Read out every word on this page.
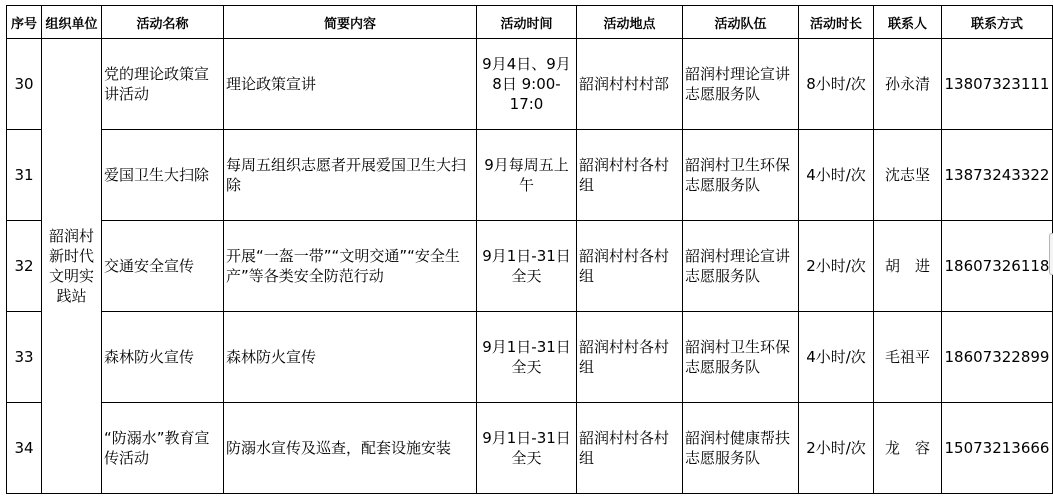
序号	组织单位	活动名称	简要内容	活动时间	活动地点	活动队伍	活动时长	联系人	联系方式
30	韶润村新时代文明实践站	党的理论政策宣讲活动	理论政策宣讲	9月4日、9月8日 9:00-17:0	韶润村村村部	韶润村理论宣讲志愿服务队	8小时/次	孙永清	13807323111
31		爱国卫生大扫除	每周五组织志愿者开展爱国卫生大扫除	9月每周五上午	韶润村村各村组	韶润村卫生环保志愿服务队	4小时/次	沈志坚	13873243322
32		交通安全宣传	开展“一盔一带”“文明交通”“安全生产”等各类安全防范行动	9月1日-31日 全天	韶润村村各村组	韶润村理论宣讲志愿服务队	2小时/次	胡　进	18607326118
33		森林防火宣传	森林防火宣传	9月1日-31日 全天	韶润村村各村组	韶润村卫生环保志愿服务队	4小时/次	毛祖平	18607322899
34		“防溺水”教育宣传活动	防溺水宣传及巡查，配套设施安装	9月1日-31日 全天	韶润村村各村组	韶润村健康帮扶志愿服务队	2小时/次	龙　容	15073213666
